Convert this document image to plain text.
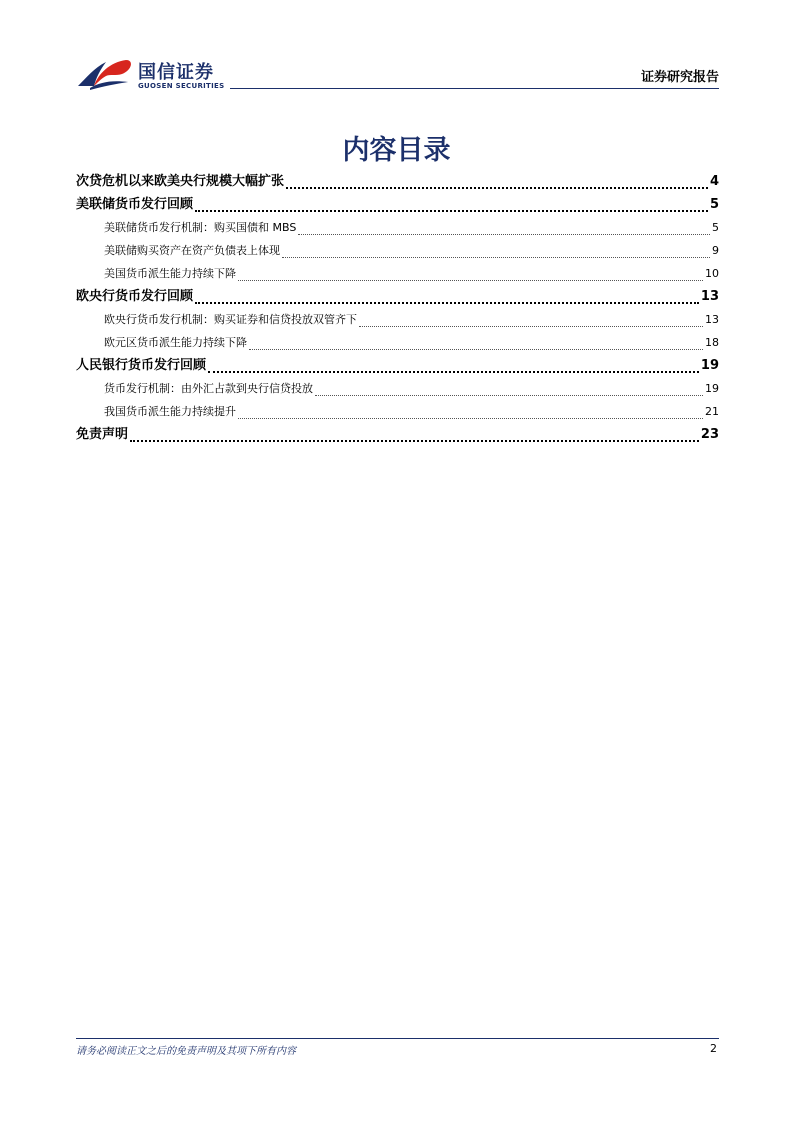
国信证券
GUOSEN SECURITIES
证券研究报告
内容目录
次贷危机以来欧美央行规模大幅扩张	4
美联储货币发行回顾	5
美联储货币发行机制：购买国债和 MBS	5
美联储购买资产在资产负债表上体现	9
美国货币派生能力持续下降	10
欧央行货币发行回顾	13
欧央行货币发行机制：购买证券和信贷投放双管齐下	13
欧元区货币派生能力持续下降	18
人民银行货币发行回顾	19
货币发行机制：由外汇占款到央行信贷投放	19
我国货币派生能力持续提升	21
免责声明	23
请务必阅读正文之后的免责声明及其项下所有内容	2
